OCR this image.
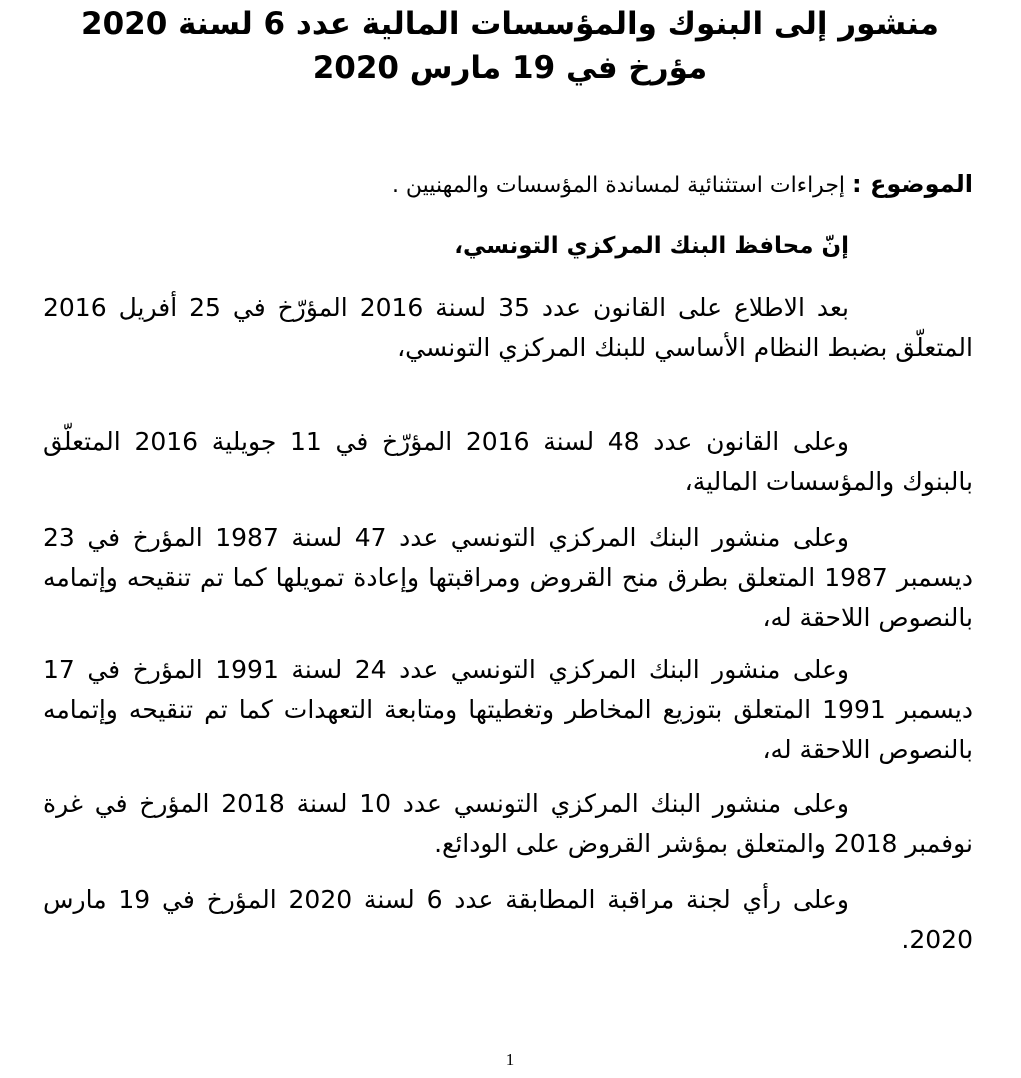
منشور إلى البنوك والمؤسسات المالية عدد 6 لسنة 2020
مؤرخ في 19 مارس 2020
الموضوع : إجراءات استثنائية لمساندة المؤسسات والمهنيين .
إنّ محافظ البنك المركزي التونسي،

بعد الاطلاع على القانون عدد 35 لسنة 2016 المؤرّخ في 25 أفريل 2016 المتعلّق بضبط النظام الأساسي للبنك المركزي التونسي،

وعلى القانون عدد 48 لسنة 2016 المؤرّخ في 11 جويلية 2016 المتعلّق بالبنوك والمؤسسات المالية،

وعلى منشور البنك المركزي التونسي عدد 47 لسنة 1987 المؤرخ في 23 ديسمبر 1987 المتعلق بطرق منح القروض ومراقبتها وإعادة تمويلها كما تم تنقيحه وإتمامه بالنصوص اللاحقة له،

وعلى منشور البنك المركزي التونسي عدد 24 لسنة 1991 المؤرخ في 17 ديسمبر 1991 المتعلق بتوزيع المخاطر وتغطيتها ومتابعة التعهدات كما تم تنقيحه وإتمامه بالنصوص اللاحقة له،

وعلى منشور البنك المركزي التونسي عدد 10 لسنة 2018 المؤرخ في غرة نوفمبر 2018 والمتعلق بمؤشر القروض على الودائع.

وعلى رأي لجنة مراقبة المطابقة عدد 6 لسنة 2020 المؤرخ في 19 مارس 2020.

1
